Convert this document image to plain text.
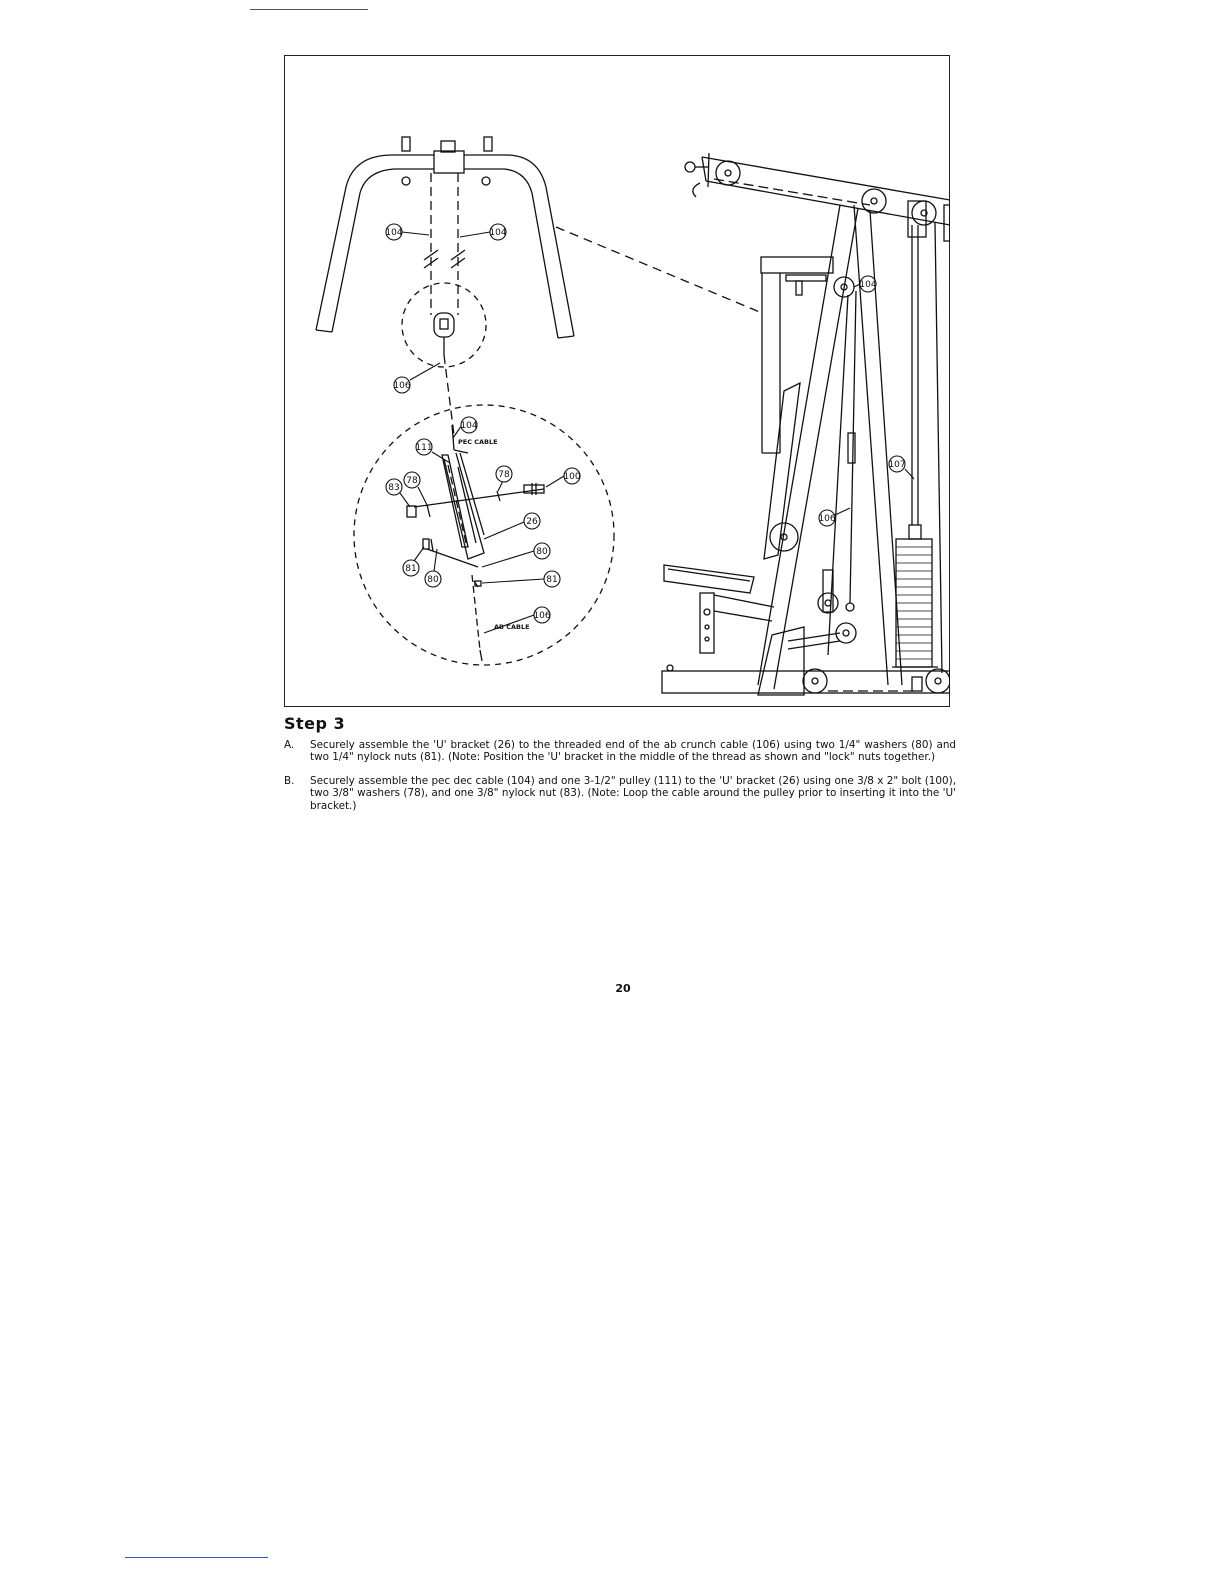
104	104
106
104
111
78
78	100
83
26
80
81
81
80
106
104
107
106
PEC CABLE
AB CABLE
Step 3
A.	Securely assemble the 'U' bracket (26) to the threaded end of the ab crunch cable (106) using two 1/4" washers (80) and two 1/4" nylock nuts (81). (Note: Position the 'U' bracket in the middle of the thread as shown and "lock" nuts together.)
B.	Securely assemble the pec dec cable (104) and one 3-1/2" pulley (111) to the 'U' bracket (26) using one 3/8 x 2" bolt (100), two 3/8" washers (78), and one 3/8" nylock nut (83). (Note: Loop the cable around the pulley prior to inserting it into the 'U' bracket.)
20
